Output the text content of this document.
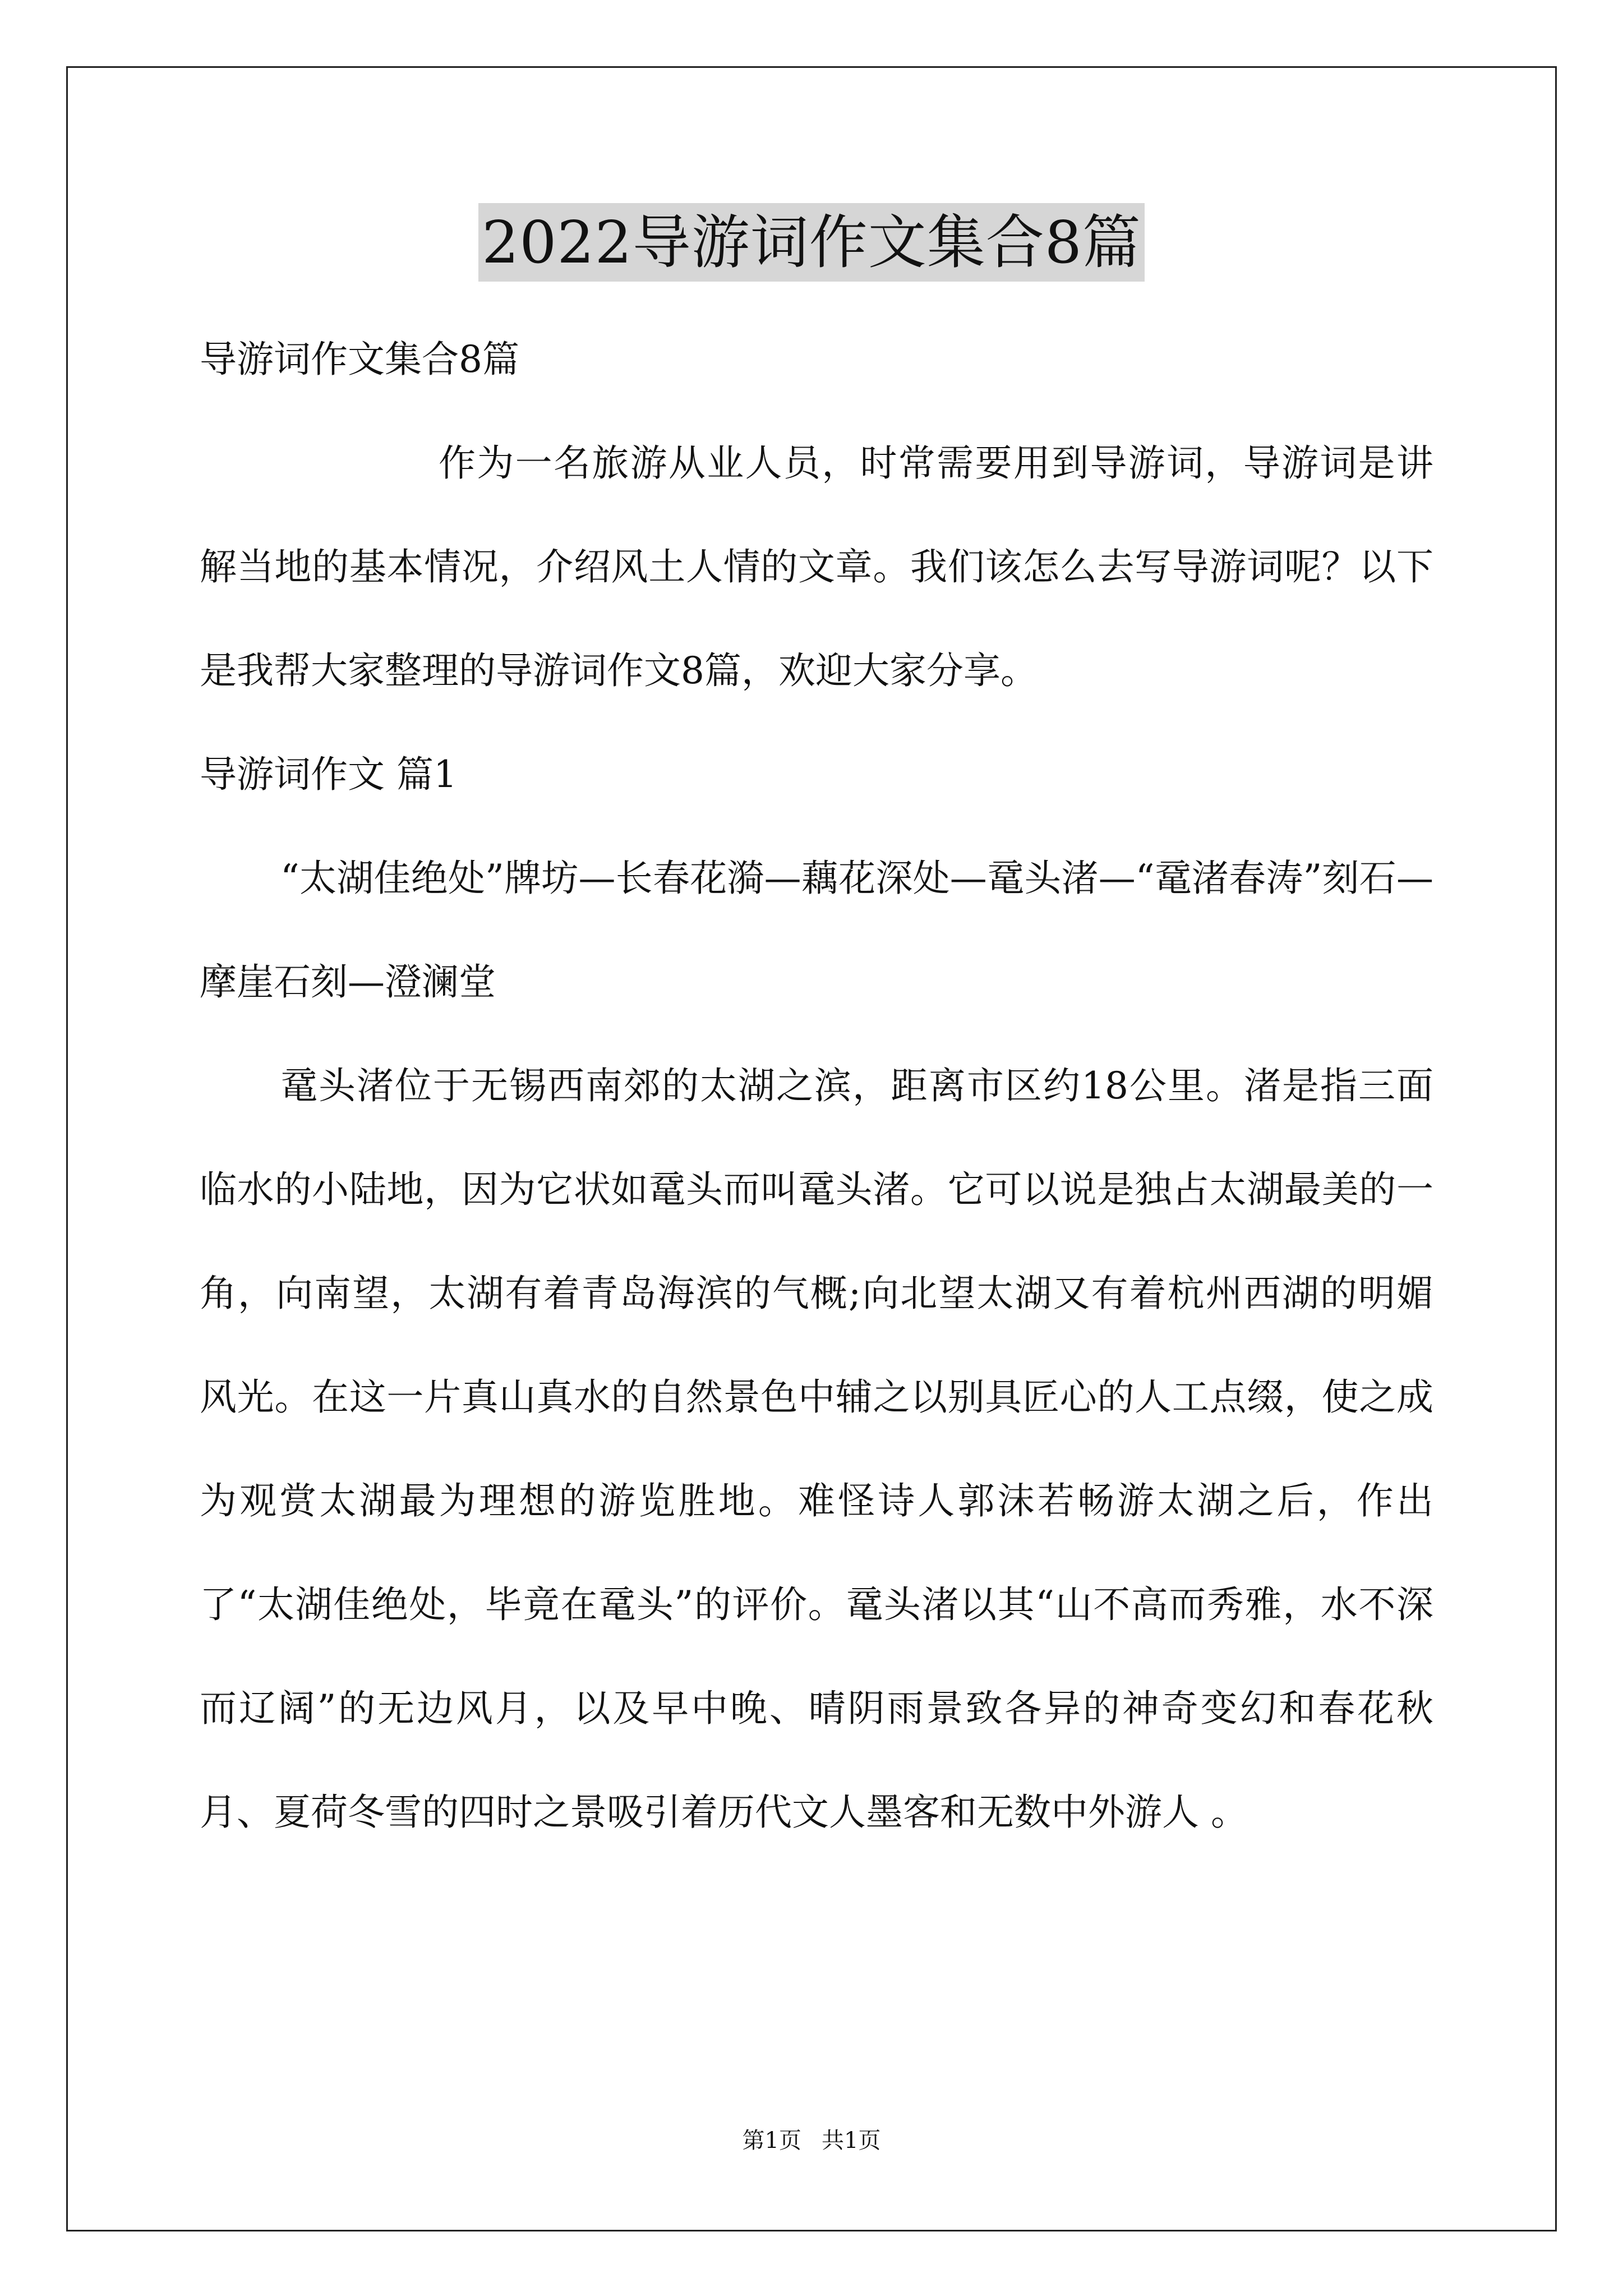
2022导游词作文集合8篇
导游词作文集合8篇

作为一名旅游从业人员，时常需要用到导游词，导游词是讲解当地的基本情况，介绍风土人情的文章。我们该怎么去写导游词呢？以下是我帮大家整理的导游词作文8篇，欢迎大家分享。

导游词作文 篇1

“太湖佳绝处”牌坊—长春花漪—藕花深处—鼋头渚—“鼋渚春涛”刻石—摩崖石刻—澄澜堂

鼋头渚位于无锡西南郊的太湖之滨，距离市区约18公里。渚是指三面临水的小陆地，因为它状如鼋头而叫鼋头渚。它可以说是独占太湖最美的一角，向南望，太湖有着青岛海滨的气概;向北望太湖又有着杭州西湖的明媚风光。在这一片真山真水的自然景色中辅之以别具匠心的人工点缀，使之成为观赏太湖最为理想的游览胜地。难怪诗人郭沫若畅游太湖之后，作出了“太湖佳绝处，毕竟在鼋头”的评价。鼋头渚以其“山不高而秀雅，水不深而辽阔”的无边风月，以及早中晚、晴阴雨景致各异的神奇变幻和春花秋月、夏荷冬雪的四时之景吸引着历代文人墨客和无数中外游人 。

第1页 共1页
